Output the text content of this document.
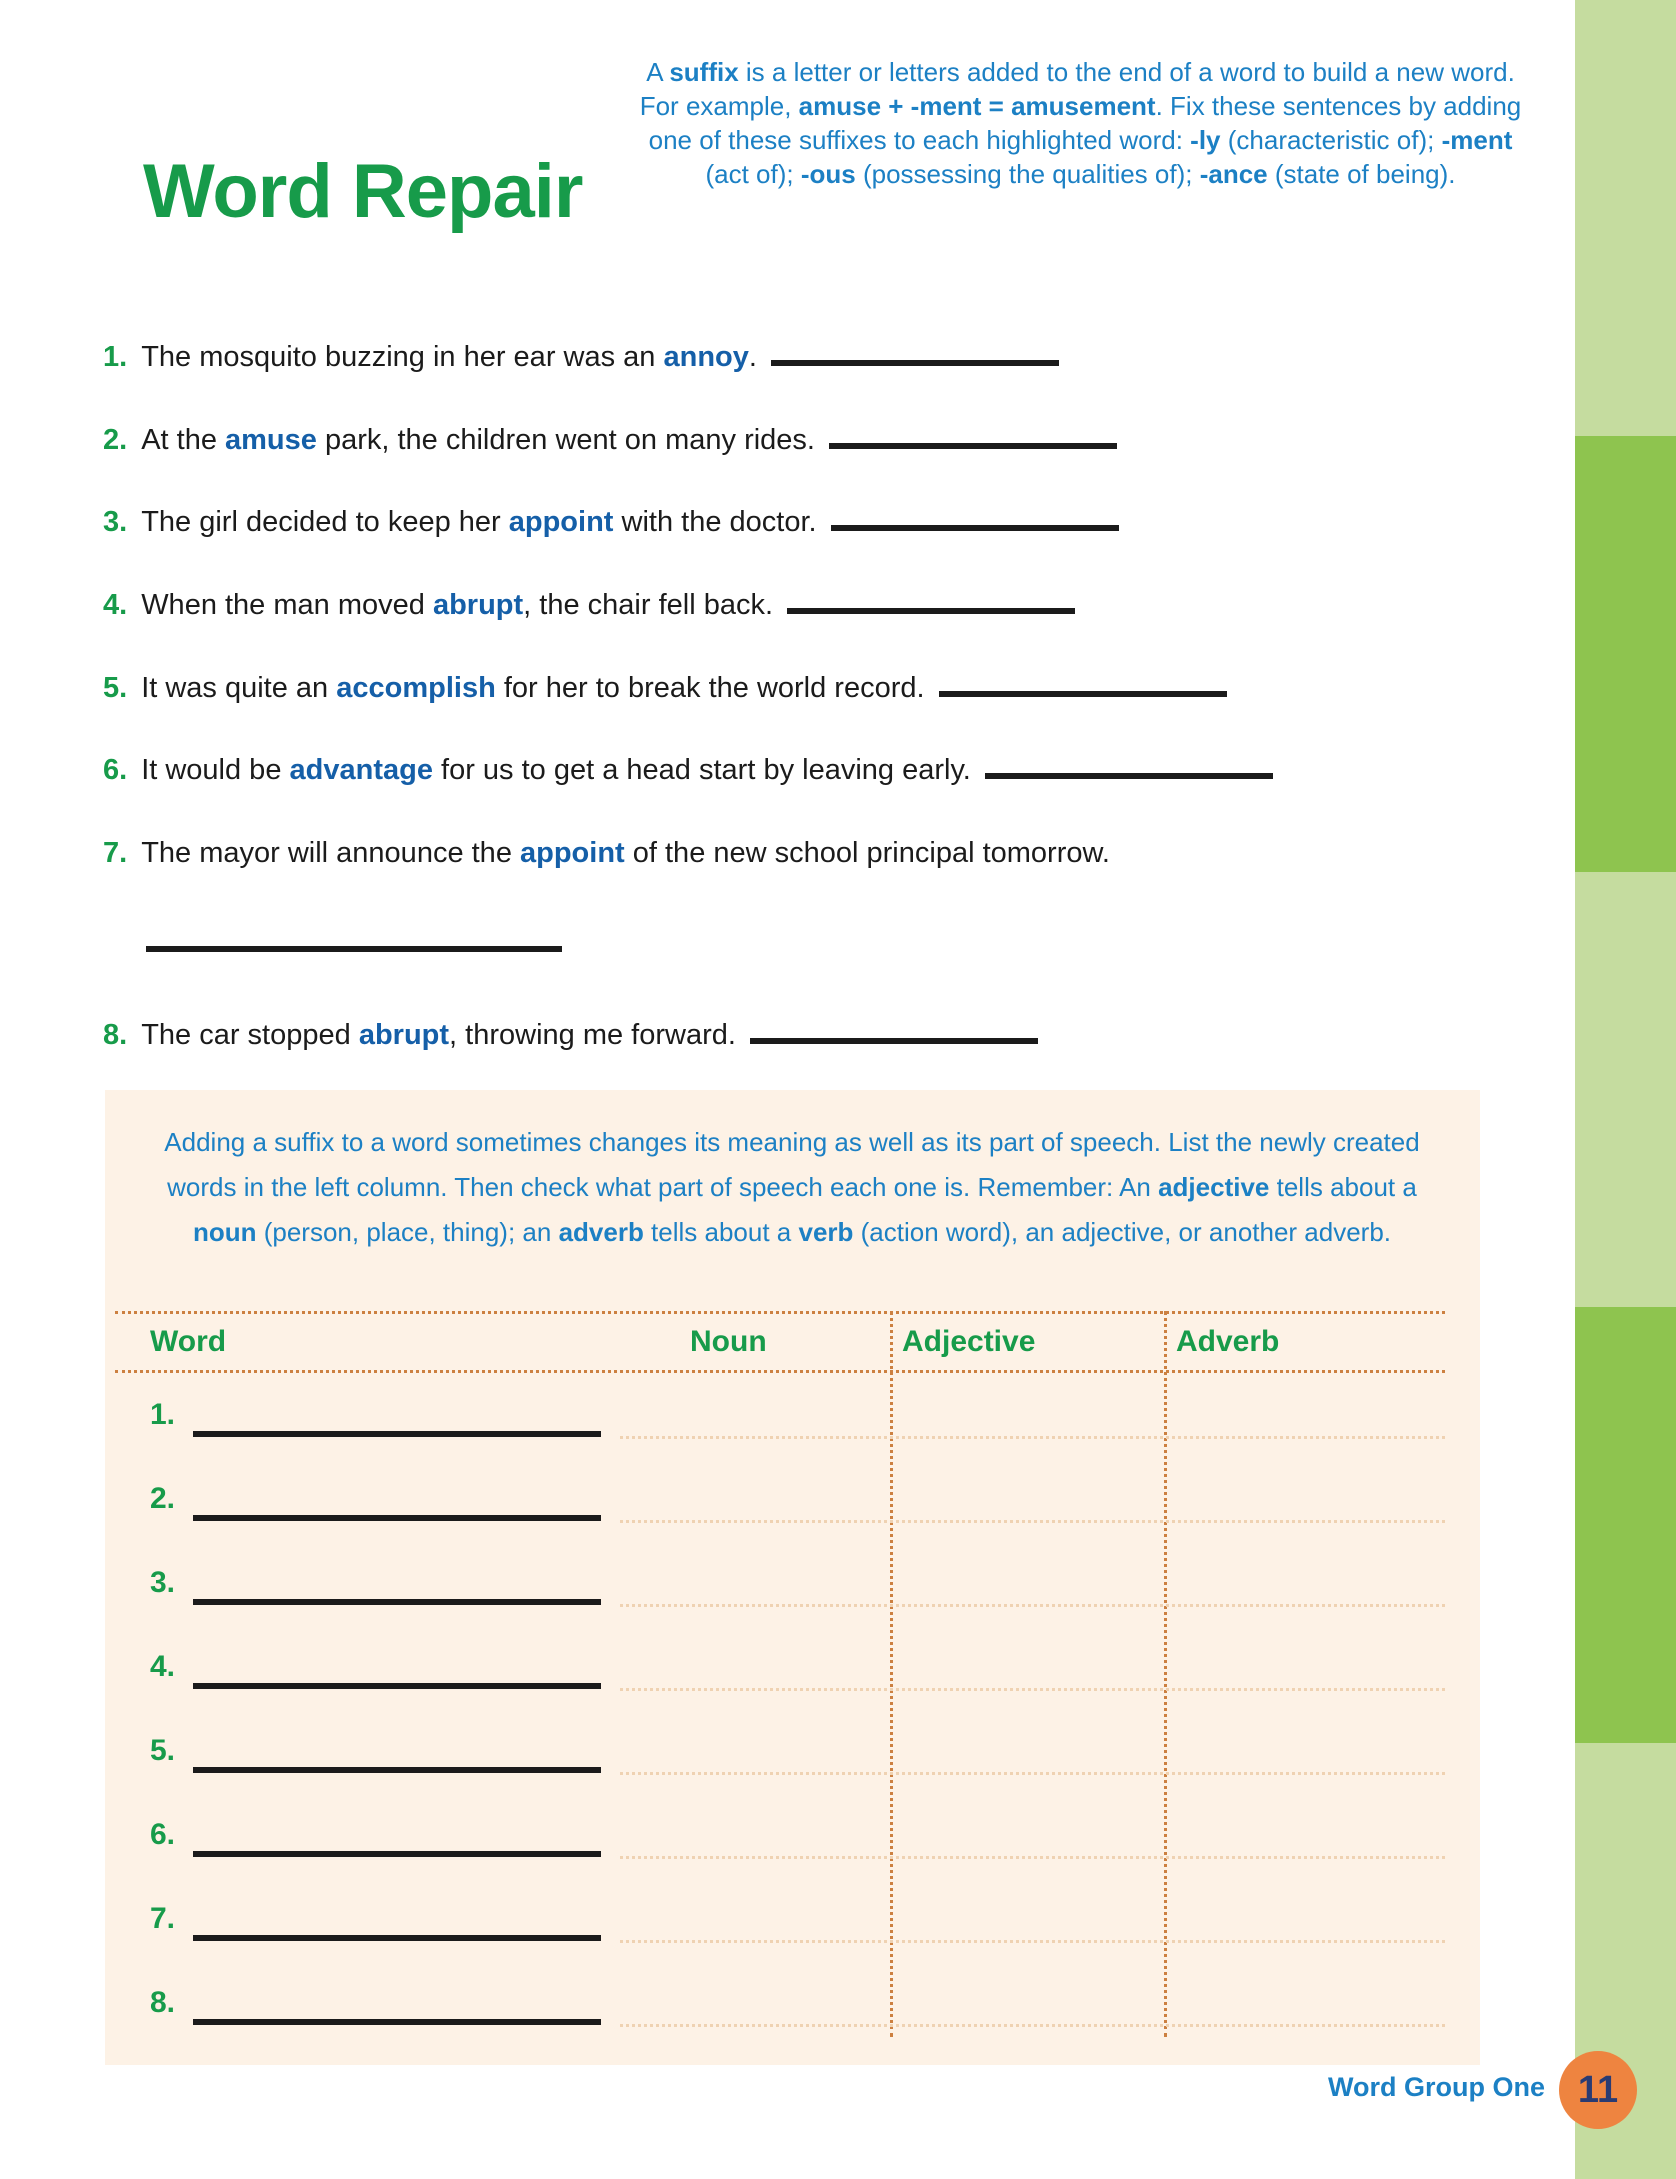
Word Repair
A suffix is a letter or letters added to the end of a word to build a new word. For example, amuse + -ment = amusement. Fix these sentences by adding one of these suffixes to each highlighted word: -ly (characteristic of); -ment (act of); -ous (possessing the qualities of); -ance (state of being).
1. The mosquito buzzing in her ear was an annoy.
2. At the amuse park, the children went on many rides.
3. The girl decided to keep her appoint with the doctor.
4. When the man moved abrupt, the chair fell back.
5. It was quite an accomplish for her to break the world record.
6. It would be advantage for us to get a head start by leaving early.
7. The mayor will announce the appoint of the new school principal tomorrow.
8. The car stopped abrupt, throwing me forward.
Adding a suffix to a word sometimes changes its meaning as well as its part of speech. List the newly created words in the left column. Then check what part of speech each one is. Remember: An adjective tells about a noun (person, place, thing); an adverb tells about a verb (action word), an adjective, or another adverb.
Word	Noun	Adjective	Adverb
1.
2.
3.
4.
5.
6.
7.
8.
Word Group One 11
